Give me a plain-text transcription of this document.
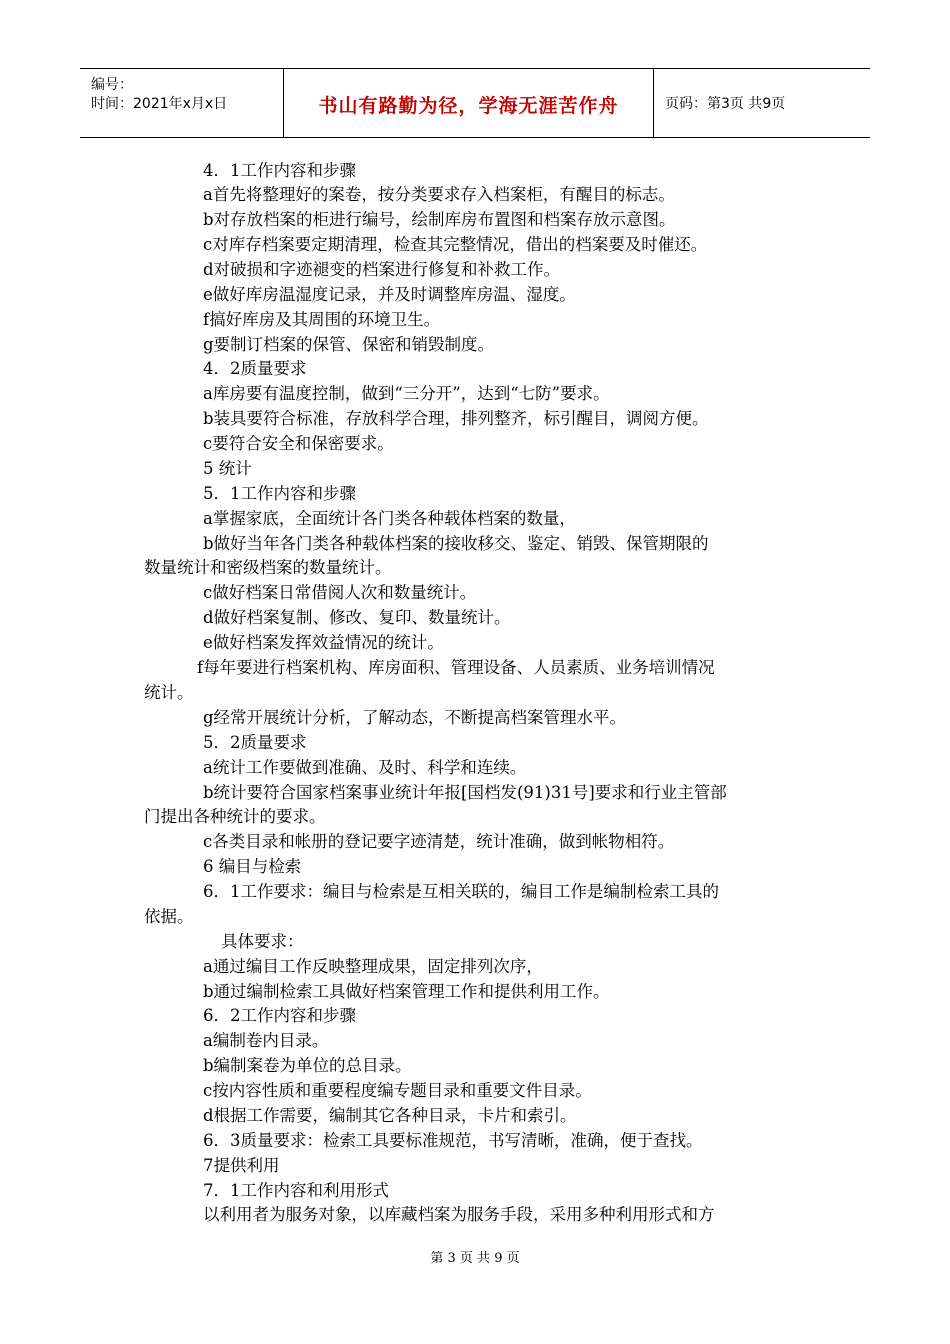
编号：
时间：2021年x月x日	书山有路勤为径，学海无涯苦作舟	页码：第3页 共9页
4．1工作内容和步骤
a首先将整理好的案卷，按分类要求存入档案柜，有醒目的标志。
b对存放档案的柜进行编号，绘制库房布置图和档案存放示意图。
c对库存档案要定期清理，检查其完整情况，借出的档案要及时催还。
d对破损和字迹褪变的档案进行修复和补救工作。
e做好库房温湿度记录，并及时调整库房温、湿度。
f搞好库房及其周围的环境卫生。
g要制订档案的保管、保密和销毁制度。
4．2质量要求
a库房要有温度控制，做到“三分开”，达到“七防”要求。
b装具要符合标准，存放科学合理，排列整齐，标引醒目，调阅方便。
c要符合安全和保密要求。
5 统计
5．1工作内容和步骤
a掌握家底，全面统计各门类各种载体档案的数量，
b做好当年各门类各种载体档案的接收移交、鉴定、销毁、保管期限的
数量统计和密级档案的数量统计。
c做好档案日常借阅人次和数量统计。
d做好档案复制、修改、复印、数量统计。
e做好档案发挥效益情况的统计。
f每年要进行档案机构、库房面积、管理设备、人员素质、业务培训情况
统计。
g经常开展统计分析，了解动态，不断提高档案管理水平。
5．2质量要求
a统计工作要做到准确、及时、科学和连续。
b统计要符合国家档案事业统计年报[国档发(91)31号]要求和行业主管部
门提出各种统计的要求。
c各类目录和帐册的登记要字迹清楚，统计准确，做到帐物相符。
6 编目与检索
6．1工作要求：编目与检索是互相关联的，编目工作是编制检索工具的
依据。
具体要求：
a通过编目工作反映整理成果，固定排列次序，
b通过编制检索工具做好档案管理工作和提供利用工作。
6．2工作内容和步骤
a编制卷内目录。
b编制案卷为单位的总目录。
c按内容性质和重要程度编专题目录和重要文件目录。
d根据工作需要，编制其它各种目录，卡片和索引。
6．3质量要求：检索工具要标准规范，书写清晰，准确，便于查找。
7提供利用
7．1工作内容和利用形式
以利用者为服务对象，以库藏档案为服务手段，采用多种利用形式和方
第 3 页 共 9 页
